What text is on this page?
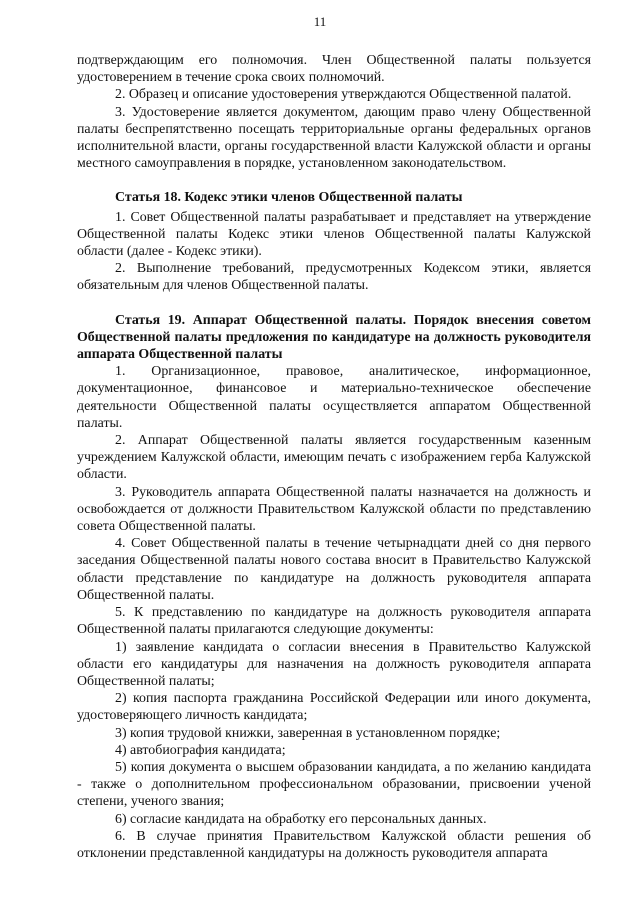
11

подтверждающим его полномочия. Член Общественной палаты пользуется удостоверением в течение срока своих полномочий.

2. Образец и описание удостоверения утверждаются Общественной палатой.

3. Удостоверение является документом, дающим право члену Общественной палаты беспрепятственно посещать территориальные органы федеральных органов исполнительной власти, органы государственной власти Калужской области и органы местного самоуправления в порядке, установленном законодательством.

Статья 18. Кодекс этики членов Общественной палаты

1. Совет Общественной палаты разрабатывает и представляет на утверждение Общественной палаты Кодекс этики членов Общественной палаты Калужской области (далее - Кодекс этики).

2. Выполнение требований, предусмотренных Кодексом этики, является обязательным для членов Общественной палаты.

Статья 19. Аппарат Общественной палаты. Порядок внесения советом Общественной палаты предложения по кандидатуре на должность руководителя аппарата Общественной палаты

1. Организационное, правовое, аналитическое, информационное, документационное, финансовое и материально-техническое обеспечение деятельности Общественной палаты осуществляется аппаратом Общественной палаты.

2. Аппарат Общественной палаты является государственным казенным учреждением Калужской области, имеющим печать с изображением герба Калужской области.

3. Руководитель аппарата Общественной палаты назначается на должность и освобождается от должности Правительством Калужской области по представлению совета Общественной палаты.

4. Совет Общественной палаты в течение четырнадцати дней со дня первого заседания Общественной палаты нового состава вносит в Правительство Калужской области представление по кандидатуре на должность руководителя аппарата Общественной палаты.

5. К представлению по кандидатуре на должность руководителя аппарата Общественной палаты прилагаются следующие документы:

1) заявление кандидата о согласии внесения в Правительство Калужской области его кандидатуры для назначения на должность руководителя аппарата Общественной палаты;

2) копия паспорта гражданина Российской Федерации или иного документа, удостоверяющего личность кандидата;

3) копия трудовой книжки, заверенная в установленном порядке;

4) автобиография кандидата;

5) копия документа о высшем образовании кандидата, а по желанию кандидата - также о дополнительном профессиональном образовании, присвоении ученой степени, ученого звания;

6) согласие кандидата на обработку его персональных данных.

6. В случае принятия Правительством Калужской области решения об отклонении представленной кандидатуры на должность руководителя аппарата
